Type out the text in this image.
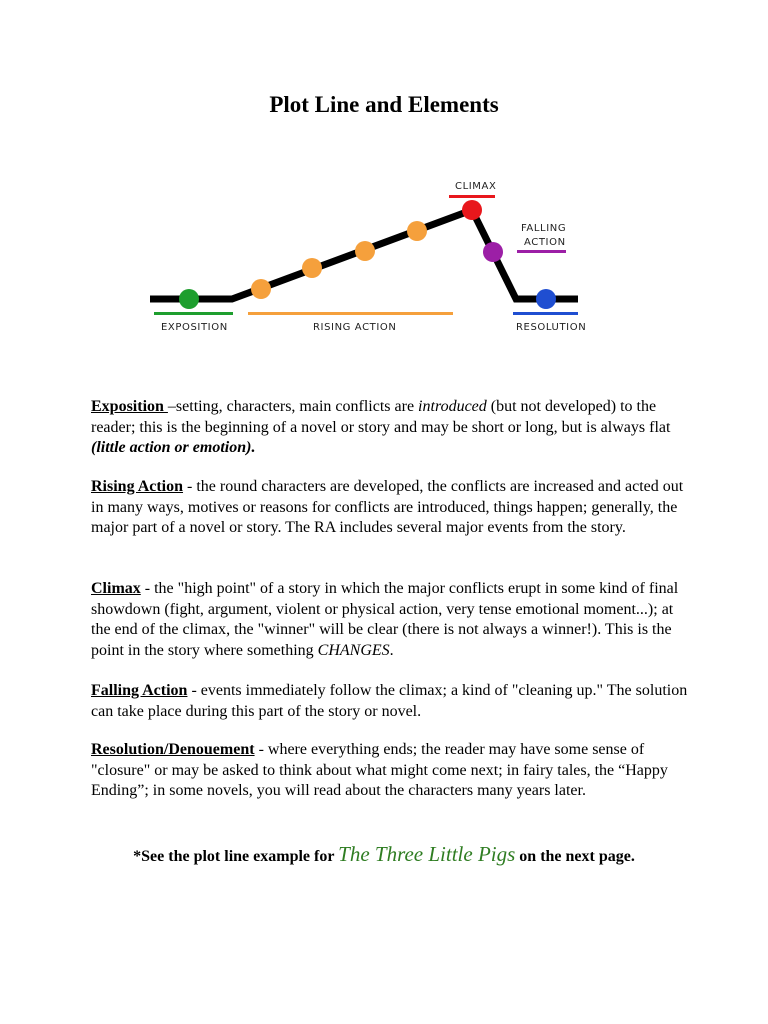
Plot Line and Elements
EXPOSITION	RISING ACTION
CLIMAX
FALLING
ACTION
RESOLUTION

Exposition –setting, characters, main conflicts are introduced (but not developed) to the reader; this is the beginning of a novel or story and may be short or long, but is always flat (little action or emotion).

Rising Action - the round characters are developed, the conflicts are increased and acted out in many ways, motives or reasons for conflicts are introduced, things happen; generally, the major part of a novel or story. The RA includes several major events from the story.

Climax - the "high point" of a story in which the major conflicts erupt in some kind of final showdown (fight, argument, violent or physical action, very tense emotional moment...); at the end of the climax, the "winner" will be clear (there is not always a winner!). This is the point in the story where something CHANGES.

Falling Action - events immediately follow the climax; a kind of "cleaning up." The solution can take place during this part of the story or novel.

Resolution/Denouement - where everything ends; the reader may have some sense of "closure" or may be asked to think about what might come next; in fairy tales, the “Happy Ending”; in some novels, you will read about the characters many years later.

*See the plot line example for The Three Little Pigs on the next page.
